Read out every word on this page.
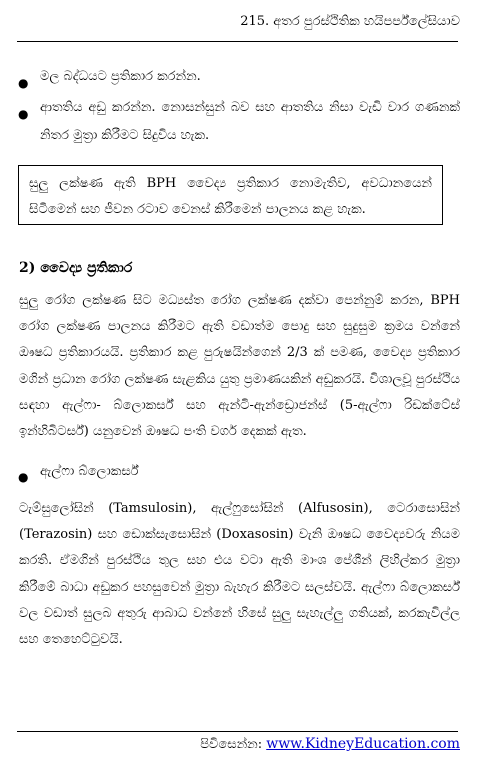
215. අතර පුරස්ථිතික හයිපර්ප්ලේසියාව
● මල බද්ධයට ප්‍රතිකාර කරන්න.
● ආතතිය අඩු කරන්න. නොසන්සුන් බව සහ ආතතිය නිසා වැඩි වාර ගණනක් නිතර මුත්‍රා කිරීමට සිදුවිය හැක.
සුලු ලක්ෂණ ඇති BPH වෛද්‍ය ප්‍රතිකාර නොමැතිව, අවධානයෙන් සිටීමෙන් සහ ජීවන රටාව වෙනස් කිරීමෙන් පාලනය කළ හැක.
2) වෛද්‍ය ප්‍රතිකාර
සුලු රෝග ලක්ෂණ සිට මධ්‍යස්ත රෝග ලක්ෂණ දක්වා පෙන්නුම් කරන, BPH රෝග ලක්ෂණ පාලනය කිරීමට ඇති වඩාත්ම පොදු සහ සුදුසුම ක්‍රමය වන්නේ ඖෂධ ප්‍රතිකාරයයි. ප්‍රතිකාර කළ පුරුෂයින්ගෙන් 2/3 ක් පමණ, වෛද්‍ය ප්‍රතිකාර මගින් ප්‍රධාන රෝග ලක්ෂණ සැළකිය යුතු ප්‍රමාණයකින් අඩුකරයි. විශාලවූ පුරස්ථිය සඳහා ඇල්ෆා- බ්ලොකර්ස් සහ ඇන්ටි-ඇන්ඩ්‍රොජන්ස් (5-ඇල්ෆා රිඩක්ටේස් ඉන්හිබිටර්ස්) යනුවෙන් ඖෂධ පංති වර්ග දෙකක් ඇත.
● ඇල්ෆා බ්ලොකර්ස්
ටැම්සුලෝසින් (Tamsulosin), ඇල්ෆුසෝසින් (Alfusosin), ටෙරාසොසින් (Terazosin) සහ ඩොක්සැසොසින් (Doxasosin) වැනි ඖෂධ වෛද්‍යවරු නියම කරති. ඒමගින් පුරස්ථිය තුල සහ එය වටා ඇති මාංශ පේශීන් ලිහිල්කර මුත්‍රා කිරීමේ බාධා අඩුකර පහසුවෙන් මුත්‍රා බැහැර කිරීමට සලස්වයි. ඇල්ෆා බ්ලොකර්ස් වල වඩාත් සුලබ අතුරු ආබාධ වන්නේ හිසේ සුලු සැහැල්ලු ගතියක්, කරකැවිල්ල සහ තෙහෙට්ටුවයි.
පිවිසෙන්න: www.KidneyEducation.com
